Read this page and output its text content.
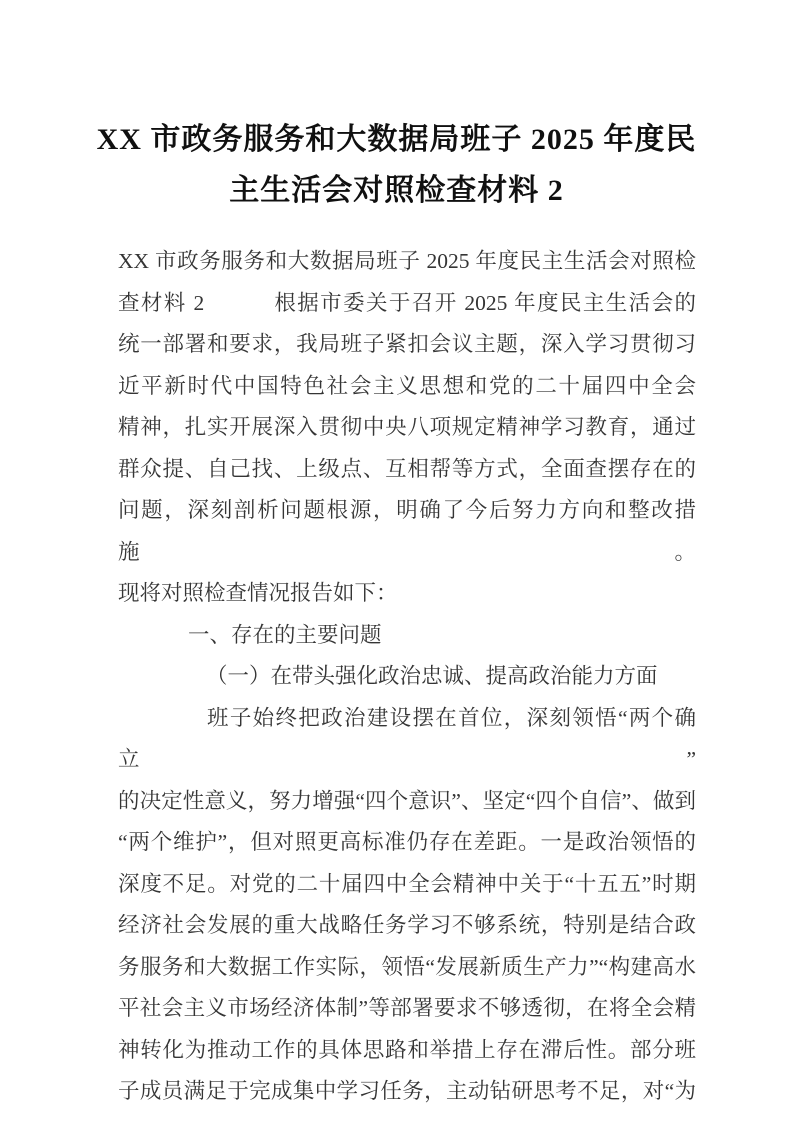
XX 市政务服务和大数据局班子 2025 年度民
主生活会对照检查材料 2
XX 市政务服务和大数据局班子 2025 年度民主生活会对照检
查材料 2　　　根据市委关于召开 2025 年度民主生活会的
统一部署和要求，我局班子紧扣会议主题，深入学习贯彻习
近平新时代中国特色社会主义思想和党的二十届四中全会
精神，扎实开展深入贯彻中央八项规定精神学习教育，通过
群众提、自己找、上级点、互相帮等方式，全面查摆存在的
问题，深刻剖析问题根源，明确了今后努力方向和整改措施。
现将对照检查情况报告如下：
一、存在的主要问题
（一）在带头强化政治忠诚、提高政治能力方面
班子始终把政治建设摆在首位，深刻领悟“两个确立”
的决定性意义，努力增强“四个意识”、坚定“四个自信”、做到
“两个维护”，但对照更高标准仍存在差距。一是政治领悟的
深度不足。对党的二十届四中全会精神中关于“十五五”时期
经济社会发展的重大战略任务学习不够系统，特别是结合政
务服务和大数据工作实际，领悟“发展新质生产力”“构建高水
平社会主义市场经济体制”等部署要求不够透彻，在将全会精
神转化为推动工作的具体思路和举措上存在滞后性。部分班
子成员满足于完成集中学习任务，主动钻研思考不足，对“为
